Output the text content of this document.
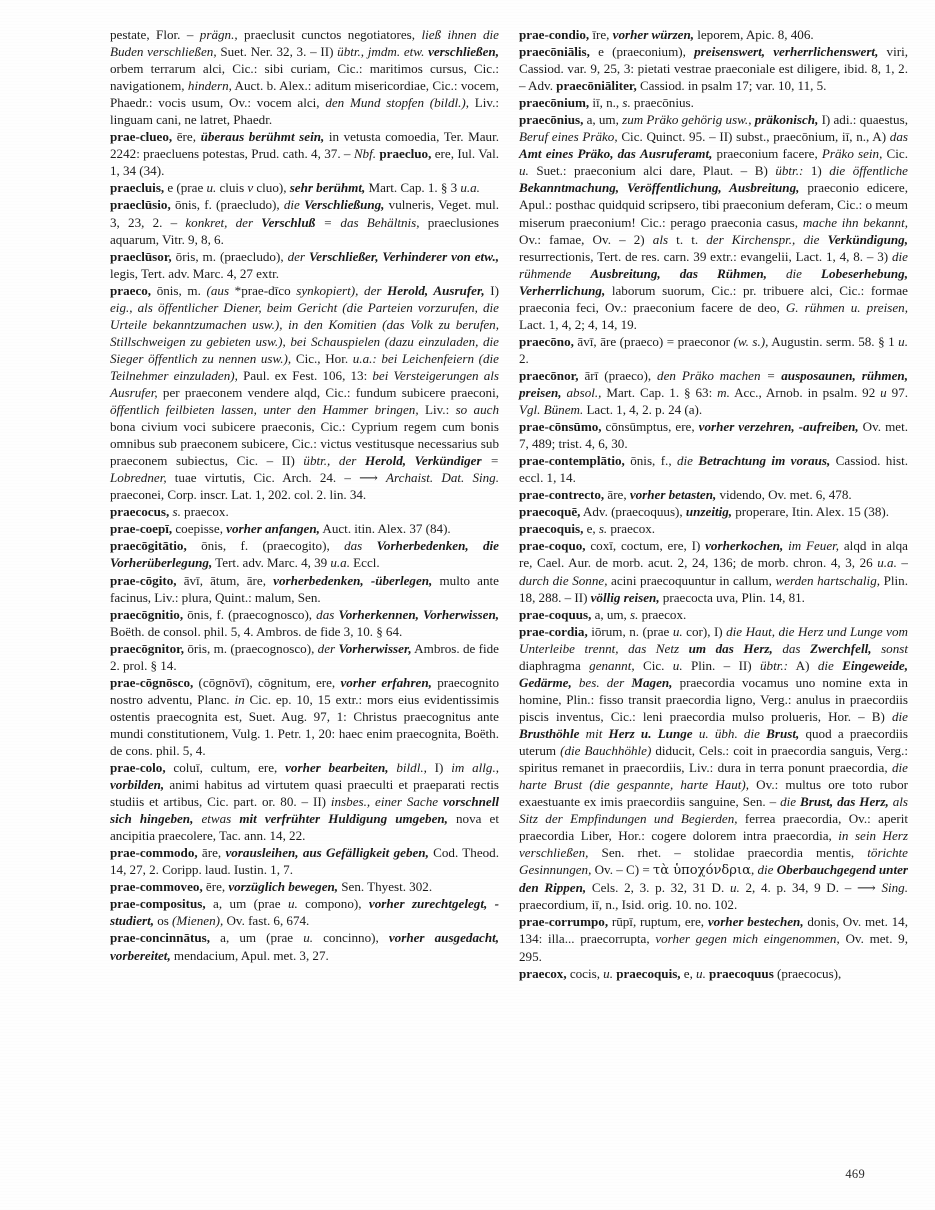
pestate, Flor. – prägn., praeclusit cunctos negotiatores, ließ ihnen die Buden verschließen, Suet. Ner. 32, 3. – II) übtr., jmdm. etw. verschließen, orbem terrarum alci, Cic.: sibi curiam, Cic.: maritimos cursus, Cic.: navigationem, hindern, Auct. b. Alex.: aditum misericordiae, Cic.: vocem, Phaedr.: vocis usum, Ov.: vocem alci, den Mund stopfen (bildl.), Liv.: linguam cani, ne latret, Phaedr.

prae-clueo, ēre, überaus berühmt sein, in vetusta comoedia, Ter. Maur. 2242: praecluens potestas, Prud. cath. 4, 37. – Nbf. praecluo, ere, Iul. Val. 1, 34 (34).

praecluis, e (prae u. cluis v cluo), sehr berühmt, Mart. Cap. 1. § 3 u.a.

praeclūsio, ōnis, f. (praecludo), die Verschließung, vulneris, Veget. mul. 3, 23, 2. – konkret, der Verschluß = das Behältnis, praeclusiones aquarum, Vitr. 9, 8, 6.

praeclūsor, ōris, m. (praecludo), der Verschließer, Verhinderer von etw., legis, Tert. adv. Marc. 4, 27 extr.

praeco, ōnis, m. (aus *prae-dīco synkopiert), der Herold, Ausrufer, I) eig., als öffentlicher Diener, beim Gericht (die Parteien vorzurufen, die Urteile bekanntzumachen usw.), in den Komitien (das Volk zu berufen, Stillschweigen zu gebieten usw.), bei Schauspielen (dazu einzuladen, die Sieger öffentlich zu nennen usw.), Cic., Hor. u.a.: bei Leichenfeiern (die Teilnehmer einzuladen), Paul. ex Fest. 106, 13: bei Versteigerungen als Ausrufer, per praeconem vendere alqd, Cic.: fundum subicere praeconi, öffentlich feilbieten lassen, unter den Hammer bringen, Liv.: so auch bona civium voci subicere praeconis, Cic.: Cyprium regem cum bonis omnibus sub praeconem subicere, Cic.: victus vestitusque necessarius sub praeconem subiectus, Cic. – II) übtr., der Herold, Verkündiger = Lobredner, tuae virtutis, Cic. Arch. 24. – ⟶ Archaist. Dat. Sing. praeconei, Corp. inscr. Lat. 1, 202. col. 2. lin. 34.

praecocus, s. praecox.

prae-coepī, coepisse, vorher anfangen, Auct. itin. Alex. 37 (84).

praecōgitātio, ōnis, f. (praecogito), das Vorherbedenken, die Vorherüberlegung, Tert. adv. Marc. 4, 39 u.a. Eccl.

prae-cōgito, āvī, ātum, āre, vorherbedenken, -überlegen, multo ante facinus, Liv.: plura, Quint.: malum, Sen.

praecōgnitio, ōnis, f. (praecognosco), das Vorherkennen, Vorherwissen, Boëth. de consol. phil. 5, 4. Ambros. de fide 3, 10. § 64.

praecōgnitor, ōris, m. (praecognosco), der Vorherwisser, Ambros. de fide 2. prol. § 14.

prae-cōgnōsco, (cōgnōvī), cōgnitum, ere, vorher erfahren, praecognito nostro adventu, Planc. in Cic. ep. 10, 15 extr.: mors eius evidentissimis ostentis praecognita est, Suet. Aug. 97, 1: Christus praecognitus ante mundi constitutionem, Vulg. 1. Petr. 1, 20: haec enim praecognita, Boëth. de cons. phil. 5, 4.

prae-colo, coluī, cultum, ere, vorher bearbeiten, bildl., I) im allg., vorbilden, animi habitus ad virtutem quasi praeculti et praeparati rectis studiis et artibus, Cic. part. or. 80. – II) insbes., einer Sache vorschnell sich hingeben, etwas mit verfrühter Huldigung umgeben, nova et ancipitia praecolere, Tac. ann. 14, 22.

prae-commodo, āre, vorausleihen, aus Gefälligkeit geben, Cod. Theod. 14, 27, 2. Coripp. laud. Iustin. 1, 7.

prae-commoveo, ēre, vorzüglich bewegen, Sen. Thyest. 302.

prae-compositus, a, um (prae u. compono), vorher zurechtgelegt, -studiert, os (Mienen), Ov. fast. 6, 674.

prae-concinnātus, a, um (prae u. concinno), vorher ausgedacht, vorbereitet, mendacium, Apul. met. 3, 27.

prae-condio, īre, vorher würzen, leporem, Apic. 8, 406.

praecōniālis, e (praeconium), preisenswert, verherrlichenswert, viri, Cassiod. var. 9, 25, 3: pietati vestrae praeconiale est diligere, ibid. 8, 1, 2. – Adv. praecōniāliter, Cassiod. in psalm 17; var. 10, 11, 5.

praecōnium, iī, n., s. praecōnius.

praecōnius, a, um, zum Präko gehörig usw., präkonisch, I) adi.: quaestus, Beruf eines Präko, Cic. Quinct. 95. – II) subst., praecōnium, iī, n., A) das Amt eines Präko, das Ausruferamt, praeconium facere, Präko sein, Cic. u. Suet.: praeconium alci dare, Plaut. – B) übtr.: 1) die öffentliche Bekanntmachung, Veröffentlichung, Ausbreitung, praeconio edicere, Apul.: posthac quidquid scripsero, tibi praeconium deferam, Cic.: o meum miserum praeconium! Cic.: perago praeconia casus, mache ihn bekannt, Ov.: famae, Ov. – 2) als t. t. der Kirchenspr., die Verkündigung, resurrectionis, Tert. de res. carn. 39 extr.: evangelii, Lact. 1, 4, 8. – 3) die rühmende Ausbreitung, das Rühmen, die Lobeserhebung, Verherrlichung, laborum suorum, Cic.: pr. tribuere alci, Cic.: formae praeconia feci, Ov.: praeconium facere de deo, G. rühmen u. preisen, Lact. 1, 4, 2; 4, 14, 19.

praecōno, āvī, āre (praeco) = praeconor (w. s.), Augustin. serm. 58. § 1 u. 2.

praecōnor, ārī (praeco), den Präko machen = ausposaunen, rühmen, preisen, absol., Mart. Cap. 1. § 63: m. Acc., Arnob. in psalm. 92 u 97. Vgl. Bünem. Lact. 1, 4, 2. p. 24 (a).

prae-cōnsūmo, cōnsūmptus, ere, vorher verzehren, -aufreiben, Ov. met. 7, 489; trist. 4, 6, 30.

prae-contemplātio, ōnis, f., die Betrachtung im voraus, Cassiod. hist. eccl. 1, 14.

prae-contrecto, āre, vorher betasten, videndo, Ov. met. 6, 478.

praecoquē, Adv. (praecoquus), unzeitig, properare, Itin. Alex. 15 (38).

praecoquis, e, s. praecox.

prae-coquo, coxī, coctum, ere, I) vorherkochen, im Feuer, alqd in alqa re, Cael. Aur. de morb. acut. 2, 24, 136; de morb. chron. 4, 3, 26 u.a. – durch die Sonne, acini praecoquuntur in callum, werden hartschalig, Plin. 18, 288. – II) völlig reisen, praecocta uva, Plin. 14, 81.

prae-coquus, a, um, s. praecox.

prae-cordia, iōrum, n. (prae u. cor), I) die Haut, die Herz und Lunge vom Unterleibe trennt, das Netz um das Herz, das Zwerchfell, sonst diaphragma genannt, Cic. u. Plin. – II) übtr.: A) die Eingeweide, Gedärme, bes. der Magen, praecordia vocamus uno nomine exta in homine, Plin.: fisso transit praecordia ligno, Verg.: anulus in praecordiis piscis inventus, Cic.: leni praecordia mulso prolueris, Hor. – B) die Brusthöhle mit Herz u. Lunge u. übh. die Brust, quod a praecordiis uterum (die Bauchhöhle) diducit, Cels.: coit in praecordia sanguis, Verg.: spiritus remanet in praecordiis, Liv.: dura in terra ponunt praecordia, die harte Brust (die gespannte, harte Haut), Ov.: multus ore toto rubor exaestuante ex imis praecordiis sanguine, Sen. – die Brust, das Herz, als Sitz der Empfindungen und Begierden, ferrea praecordia, Ov.: aperit praecordia Liber, Hor.: cogere dolorem intra praecordia, in sein Herz verschließen, Sen. rhet. – stolidae praecordia mentis, törichte Gesinnungen, Ov. – C) = τὰ ὑποχόνδρια, die Oberbauchgegend unter den Rippen, Cels. 2, 3. p. 32, 31 D. u. 2, 4. p. 34, 9 D. – ⟶ Sing. praecordium, iī, n., Isid. orig. 10. no. 102.

prae-corrumpo, rūpī, ruptum, ere, vorher bestechen, donis, Ov. met. 14, 134: illa... praecorrupta, vorher gegen mich eingenommen, Ov. met. 9, 295.

praecox, cocis, u. praecoquis, e, u. praecoquus (praecocus),

469
